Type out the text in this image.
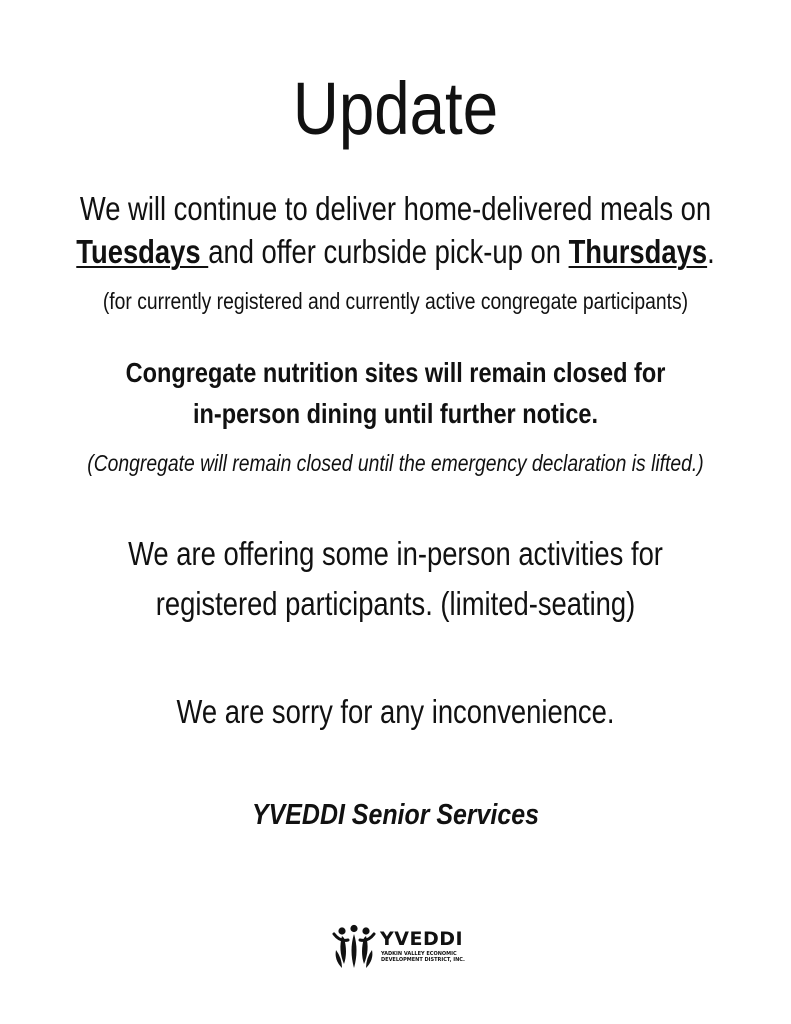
Update
We will continue to deliver home-delivered meals on
Tuesdays and offer curbside pick-up on Thursdays.
(for currently registered and currently active congregate participants)
Congregate nutrition sites will remain closed for
in-person dining until further notice.
(Congregate will remain closed until the emergency declaration is lifted.)
We are offering some in-person activities for
registered participants. (limited-seating)
We are sorry for any inconvenience.
YVEDDI Senior Services
YVEDDI
YADKIN VALLEY ECONOMIC
DEVELOPMENT DISTRICT, INC.
